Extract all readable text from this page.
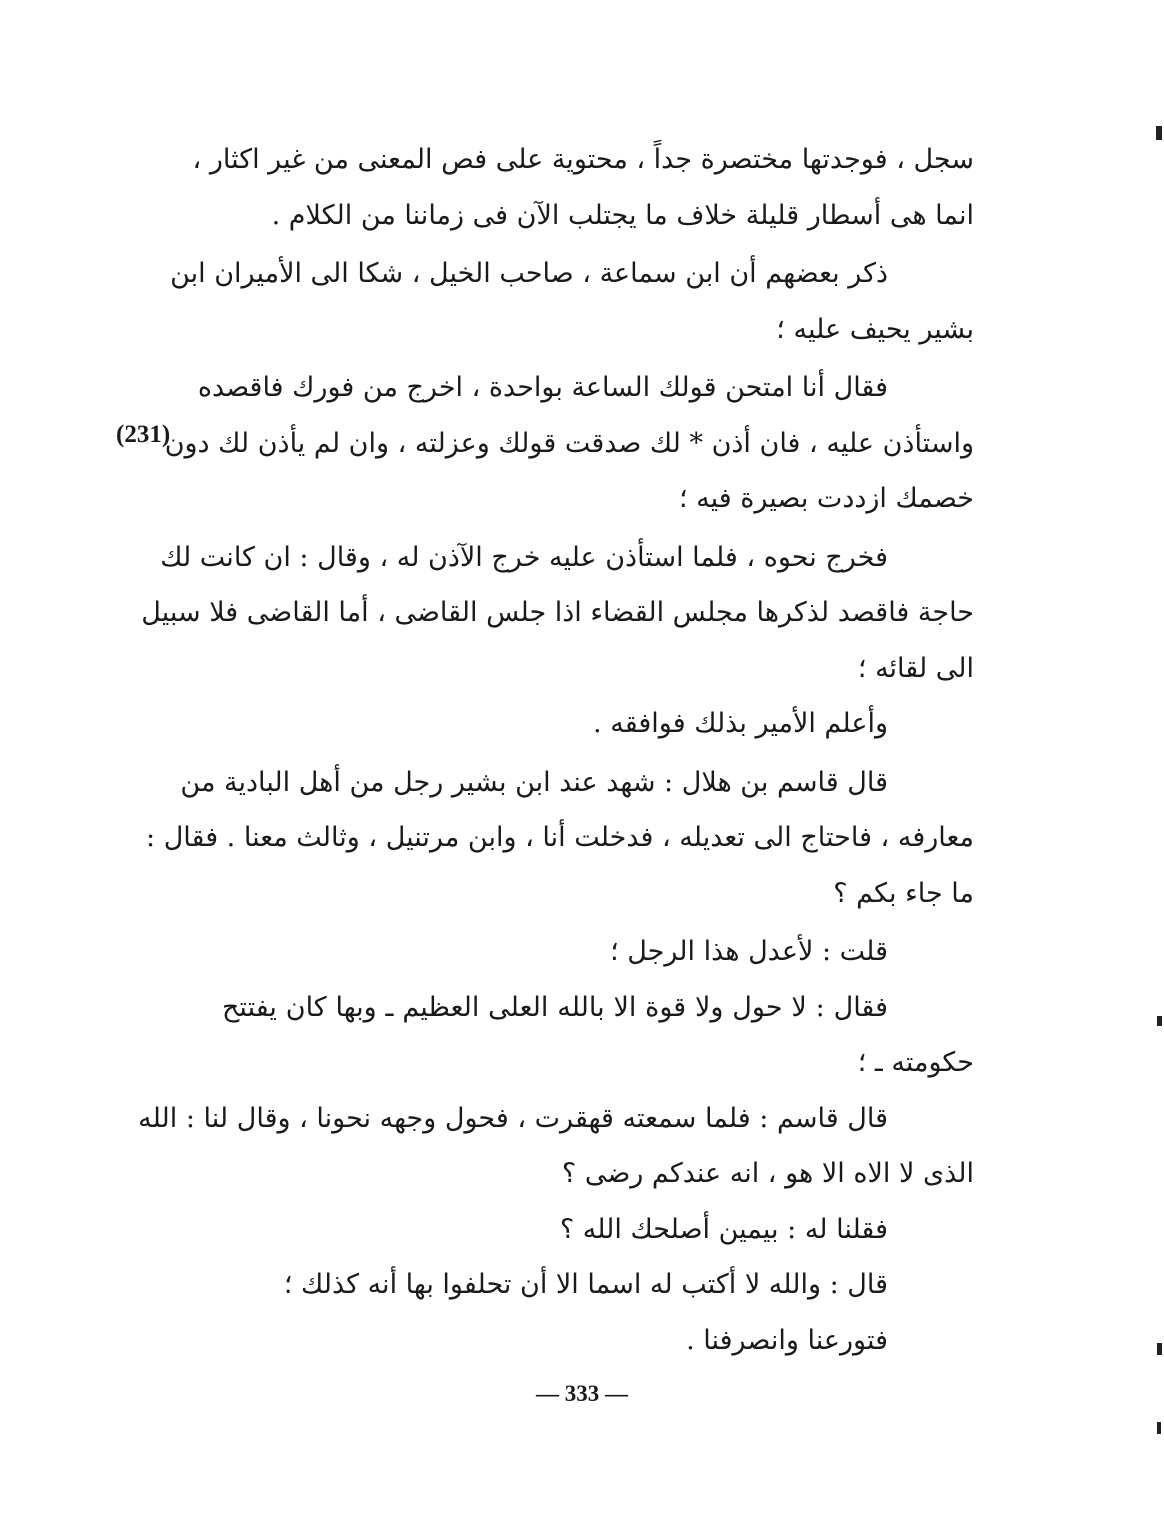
سجل ، فوجدتها مختصرة جداً ، محتوية على فص المعنى من غير اكثار ،

انما هى أسطار قليلة خلاف ما يجتلب الآن فى زماننا من الكلام .

ذكر بعضهم أن ابن سماعة ، صاحب الخيل ، شكا الى الأميران ابن

بشير يحيف عليه ؛

فقال أنا امتحن قولك الساعة بواحدة ، اخرج من فورك فاقصده

واستأذن عليه ، فان أذن * لك صدقت قولك وعزلته ، وان لم يأذن لك دون

خصمك ازددت بصيرة فيه ؛

فخرج نحوه ، فلما استأذن عليه خرج الآذن له ، وقال : ان كانت لك

حاجة فاقصد لذكرها مجلس القضاء اذا جلس القاضى ، أما القاضى فلا سبيل

الى لقائه ؛

وأعلم الأمير بذلك فوافقه .

قال قاسم بن هلال : شهد عند ابن بشير رجل من أهل البادية من

معارفه ، فاحتاج الى تعديله ، فدخلت أنا ، وابن مرتنيل ، وثالث معنا . فقال :

ما جاء بكم ؟

قلت : لأعدل هذا الرجل ؛

فقال : لا حول ولا قوة الا بالله العلى العظيم ـ وبها كان يفتتح

حكومته ـ ؛

قال قاسم : فلما سمعته قهقرت ، فحول وجهه نحونا ، وقال لنا : الله

الذى لا الاه الا هو ، انه عندكم رضى ؟

فقلنا له : بيمين أصلحك الله ؟

قال : والله لا أكتب له اسما الا أن تحلفوا بها أنه كذلك ؛

فتورعنا وانصرفنا .

(231)
— 333 —
